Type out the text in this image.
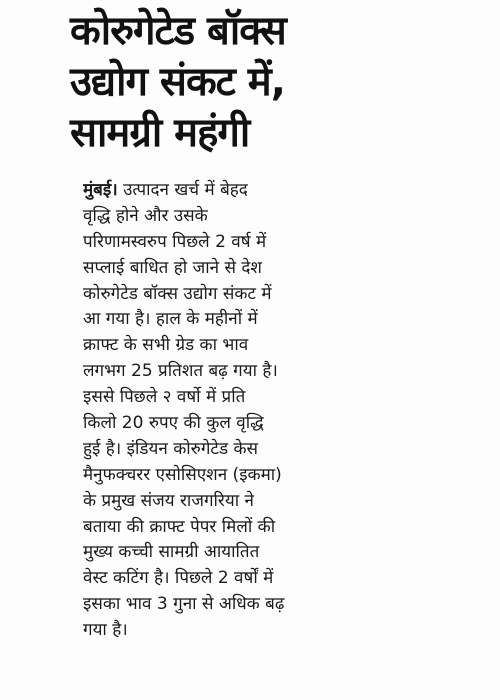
कोरुगेटेड बॉक्स
उद्योग संकट में,
सामग्री महंगी
मुंबई। उत्पादन खर्च में बेहद
वृद्धि होने और उसके
परिणामस्वरुप पिछले 2 वर्ष में
सप्लाई बाधित हो जाने से देश
कोरुगेटेड बॉक्स उद्योग संकट में
आ गया है। हाल के महीनों में
क्राफ्ट के सभी ग्रेड का भाव
लगभग 25 प्रतिशत बढ़ गया है।
इससे पिछले २ वर्षो में प्रति
किलो 20 रुपए की कुल वृद्धि
हुई है। इंडियन कोरुगेटेड केस
मैनुफक्चरर एसोसिएशन (इकमा)
के प्रमुख संजय राजगरिया ने
बताया की क्राफ्ट पेपर मिलों की
मुख्य कच्ची सामग्री आयातित
वेस्ट कटिंग है। पिछले 2 वर्षों में
इसका भाव 3 गुना से अधिक बढ़
गया है।
